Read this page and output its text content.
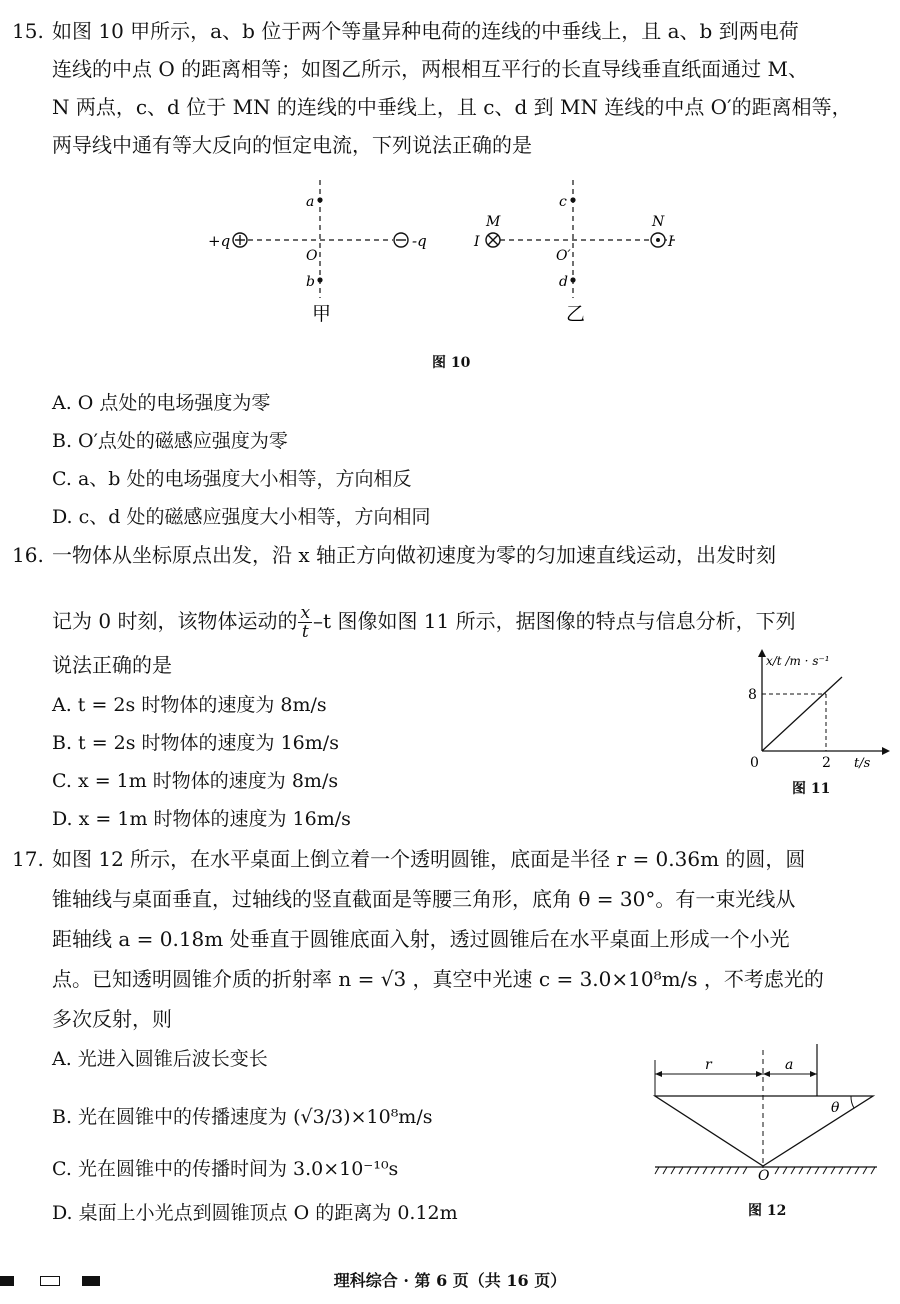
15. 如图 10 甲所示，a、b 位于两个等量异种电荷的连线的中垂线上，且 a、b 到两电荷
连线的中点 O 的距离相等；如图乙所示，两根相互平行的长直导线垂直纸面通过 M、
N 两点，c、d 位于 MN 的连线的中垂线上，且 c、d 到 MN 连线的中点 O′的距离相等，
两导线中通有等大反向的恒定电流，下列说法正确的是
+q	-q
a
b
O
甲
M
I
N
I
c
d
O′
乙
图 10
A. O 点处的电场强度为零
B. O′点处的磁感应强度为零
C. a、b 处的电场强度大小相等，方向相反
D. c、d 处的磁感应强度大小相等，方向相同
16. 一物体从坐标原点出发，沿 x 轴正方向做初速度为零的匀加速直线运动，出发时刻
记为 0 时刻，该物体运动的 $\frac{x}{t} -t$ 图像如图 11 所示，据图像的特点与信息分析，下列
说法正确的是
A. t = 2s 时物体的速度为 8m/s
B. t = 2s 时物体的速度为 16m/s
C. x = 1m 时物体的速度为 8m/s
D. x = 1m 时物体的速度为 16m/s
x/t /m · s⁻¹
8
2
0	t/s
图 11
17. 如图 12 所示，在水平桌面上倒立着一个透明圆锥，底面是半径 r = 0.36m 的圆，圆
锥轴线与桌面垂直，过轴线的竖直截面是等腰三角形，底角 θ = 30°。有一束光线从
距轴线 a = 0.18m 处垂直于圆锥底面入射，透过圆锥后在水平桌面上形成一个小光
点。已知透明圆锥介质的折射率 n = √3 ，真空中光速 c = 3.0×10⁸m/s ，不考虑光的
多次反射，则
A. 光进入圆锥后波长变长
B. 光在圆锥中的传播速度为 (√3/3)×10⁸m/s
C. 光在圆锥中的传播时间为 3.0×10⁻¹⁰s
D. 桌面上小光点到圆锥顶点 O 的距离为 0.12m
r	a
θ
O
图 12
理科综合 · 第 6 页（共 16 页）
